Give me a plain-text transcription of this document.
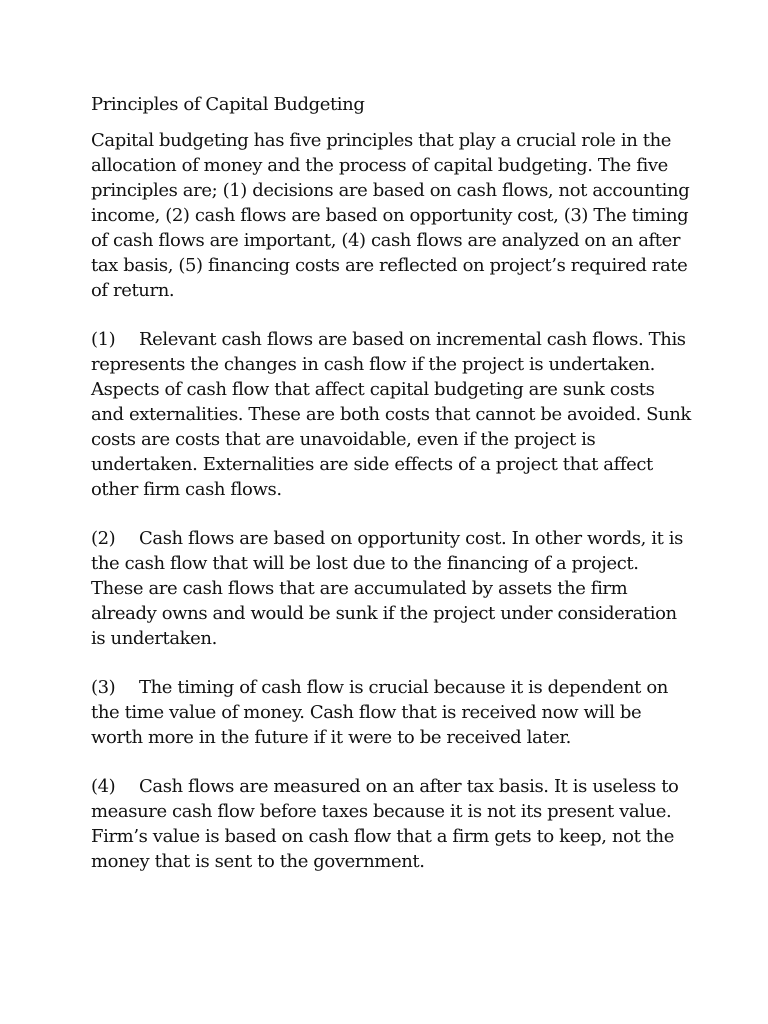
Principles of Capital Budgeting

Capital budgeting has five principles that play a crucial role in the allocation of money and the process of capital budgeting. The five principles are; (1) decisions are based on cash flows, not accounting income, (2) cash flows are based on opportunity cost, (3) The timing of cash flows are important, (4) cash flows are analyzed on an after tax basis, (5) financing costs are reflected on project’s required rate of return.

(1) Relevant cash flows are based on incremental cash flows. This represents the changes in cash flow if the project is undertaken. Aspects of cash flow that affect capital budgeting are sunk costs and externalities. These are both costs that cannot be avoided. Sunk costs are costs that are unavoidable, even if the project is undertaken. Externalities are side effects of a project that affect other firm cash flows.

(2) Cash flows are based on opportunity cost. In other words, it is the cash flow that will be lost due to the financing of a project. These are cash flows that are accumulated by assets the firm already owns and would be sunk if the project under consideration is undertaken.

(3) The timing of cash flow is crucial because it is dependent on the time value of money. Cash flow that is received now will be worth more in the future if it were to be received later.

(4) Cash flows are measured on an after tax basis. It is useless to measure cash flow before taxes because it is not its present value. Firm’s value is based on cash flow that a firm gets to keep, not the money that is sent to the government.
